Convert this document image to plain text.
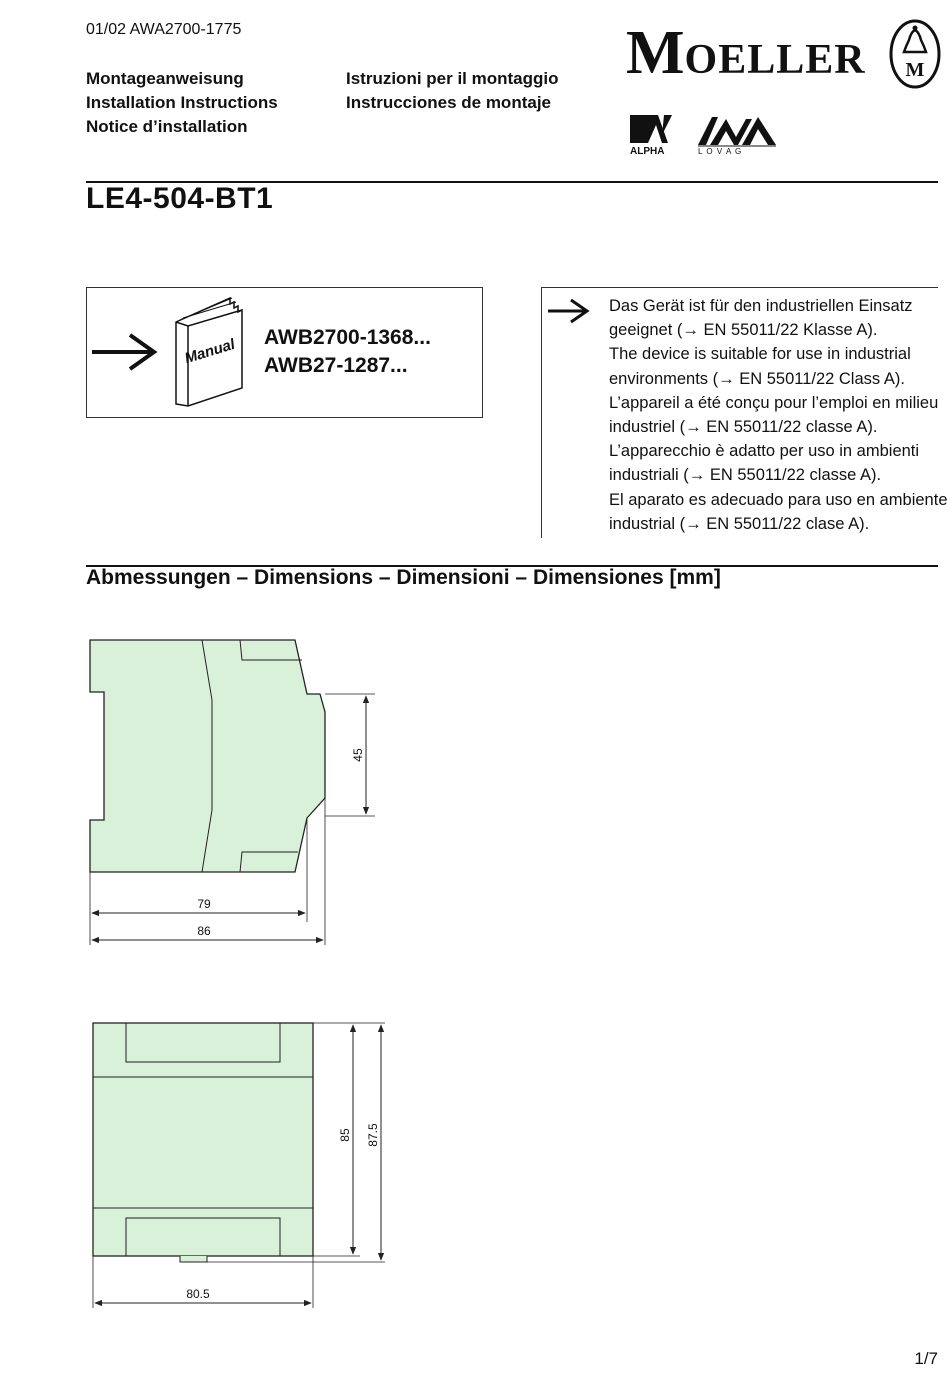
01/02 AWA2700-1775
Montageanweisung
Installation Instructions
Notice d’installation
Istruzioni per il montaggio
Instrucciones de montaje
MOELLER M
ALPHA	L O V A G
LE4-504-BT1
Manual AWB2700-1368...
AWB27-1287...
Das Gerät ist für den industriellen Einsatz
geeignet (→ EN 55011/22 Klasse A).
The device is suitable for use in industrial
environments (→ EN 55011/22 Class A).
L’appareil a été conçu pour l’emploi en milieu
industriel (→ EN 55011/22 classe A).
L’apparecchio è adatto per uso in ambienti
industriali (→ EN 55011/22 classe A).
El aparato es adecuado para uso en ambiente
industrial (→ EN 55011/22 clase A).
Abmessungen – Dimensions – Dimensioni – Dimensiones [mm]
45
79
86
85 87.5
80.5
1/7
